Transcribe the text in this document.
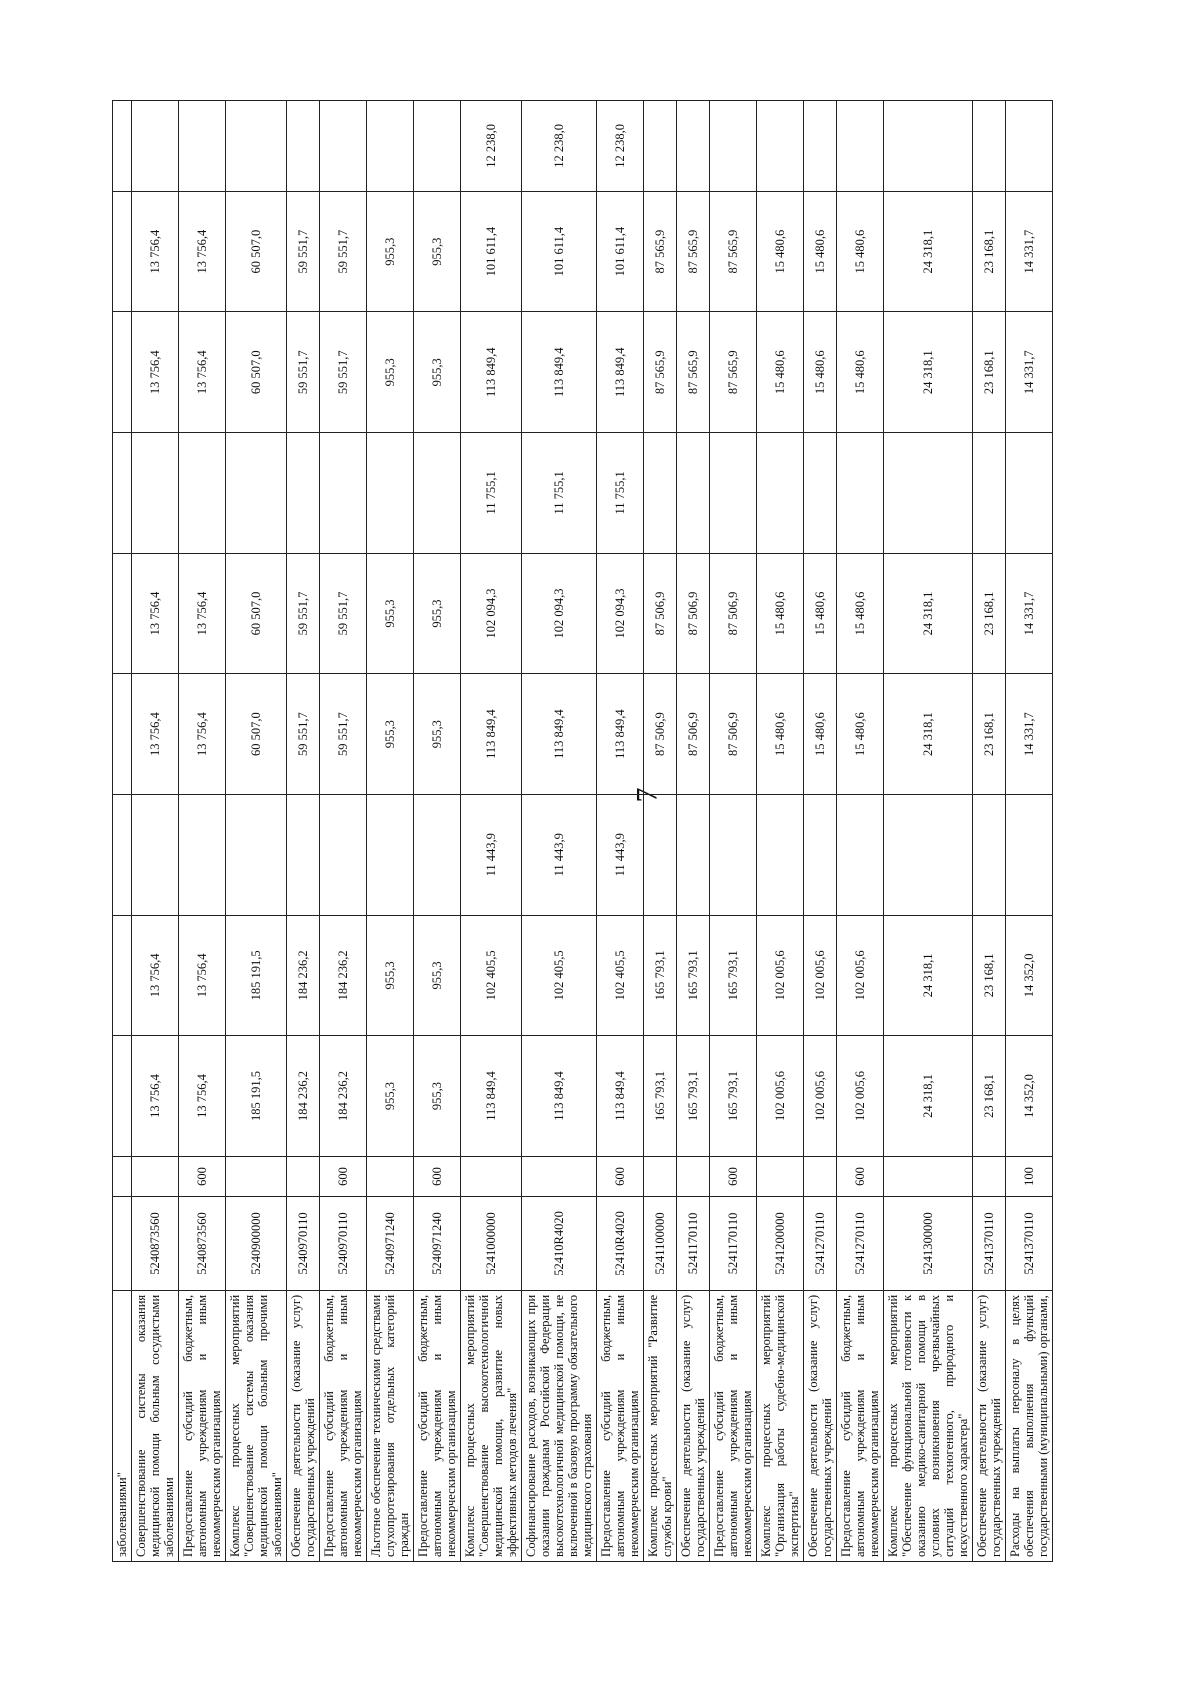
7
заболеваниями"											
Совершенствование системы оказания медицинской помощи больным сосудистыми заболеваниями	5240873560		13 756,4	13 756,4		13 756,4	13 756,4		13 756,4	13 756,4	
Предоставление субсидий бюджетным, автономным учреждениям и иным некоммерческим организациям	5240873560	600	13 756,4	13 756,4		13 756,4	13 756,4		13 756,4	13 756,4	
Комплекс процессных мероприятий "Совершенствование системы оказания медицинской помощи больным прочими заболеваниями"	5240900000		185 191,5	185 191,5		60 507,0	60 507,0		60 507,0	60 507,0	
Обеспечение деятельности (оказание услуг) государственных учреждений	5240970110		184 236,2	184 236,2		59 551,7	59 551,7		59 551,7	59 551,7	
Предоставление субсидий бюджетным, автономным учреждениям и иным некоммерческим организациям	5240970110	600	184 236,2	184 236,2		59 551,7	59 551,7		59 551,7	59 551,7	
Льготное обеспечение техническими средствами слухопротезирования отдельных категорий граждан	5240971240		955,3	955,3		955,3	955,3		955,3	955,3	
Предоставление субсидий бюджетным, автономным учреждениям и иным некоммерческим организациям	5240971240	600	955,3	955,3		955,3	955,3		955,3	955,3	
Комплекс процессных мероприятий "Совершенствование высокотехнологичной медицинской помощи, развитие новых эффективных методов лечения"	5241000000		113 849,4	102 405,5	11 443,9	113 849,4	102 094,3	11 755,1	113 849,4	101 611,4	12 238,0
Софинансирование расходов, возникающих при оказании гражданам Российской Федерации высокотехнологичной медицинской помощи, не включенной в базовую программу обязательного медицинского страхования	52410R4020		113 849,4	102 405,5	11 443,9	113 849,4	102 094,3	11 755,1	113 849,4	101 611,4	12 238,0
Предоставление субсидий бюджетным, автономным учреждениям и иным некоммерческим организациям	52410R4020	600	113 849,4	102 405,5	11 443,9	113 849,4	102 094,3	11 755,1	113 849,4	101 611,4	12 238,0
Комплекс процессных мероприятий "Развитие службы крови"	5241100000		165 793,1	165 793,1		87 506,9	87 506,9		87 565,9	87 565,9	
Обеспечение деятельности (оказание услуг) государственных учреждений	5241170110		165 793,1	165 793,1		87 506,9	87 506,9		87 565,9	87 565,9	
Предоставление субсидий бюджетным, автономным учреждениям и иным некоммерческим организациям	5241170110	600	165 793,1	165 793,1		87 506,9	87 506,9		87 565,9	87 565,9	
Комплекс процессных мероприятий "Организация работы судебно-медицинской экспертизы"	5241200000		102 005,6	102 005,6		15 480,6	15 480,6		15 480,6	15 480,6	
Обеспечение деятельности (оказание услуг) государственных учреждений	5241270110		102 005,6	102 005,6		15 480,6	15 480,6		15 480,6	15 480,6	
Предоставление субсидий бюджетным, автономным учреждениям и иным некоммерческим организациям	5241270110	600	102 005,6	102 005,6		15 480,6	15 480,6		15 480,6	15 480,6	
Комплекс процессных мероприятий "Обеспечение функциональной готовности к оказанию медико-санитарной помощи в условиях возникновения чрезвычайных ситуаций техногенного, природного и искусственного характера"	5241300000		24 318,1	24 318,1		24 318,1	24 318,1		24 318,1	24 318,1	
Обеспечение деятельности (оказание услуг) государственных учреждений	5241370110		23 168,1	23 168,1		23 168,1	23 168,1		23 168,1	23 168,1	
Расходы на выплаты персоналу в целях обеспечения выполнения функций государственными (муниципальными) органами,	5241370110	100	14 352,0	14 352,0		14 331,7	14 331,7		14 331,7	14 331,7	
